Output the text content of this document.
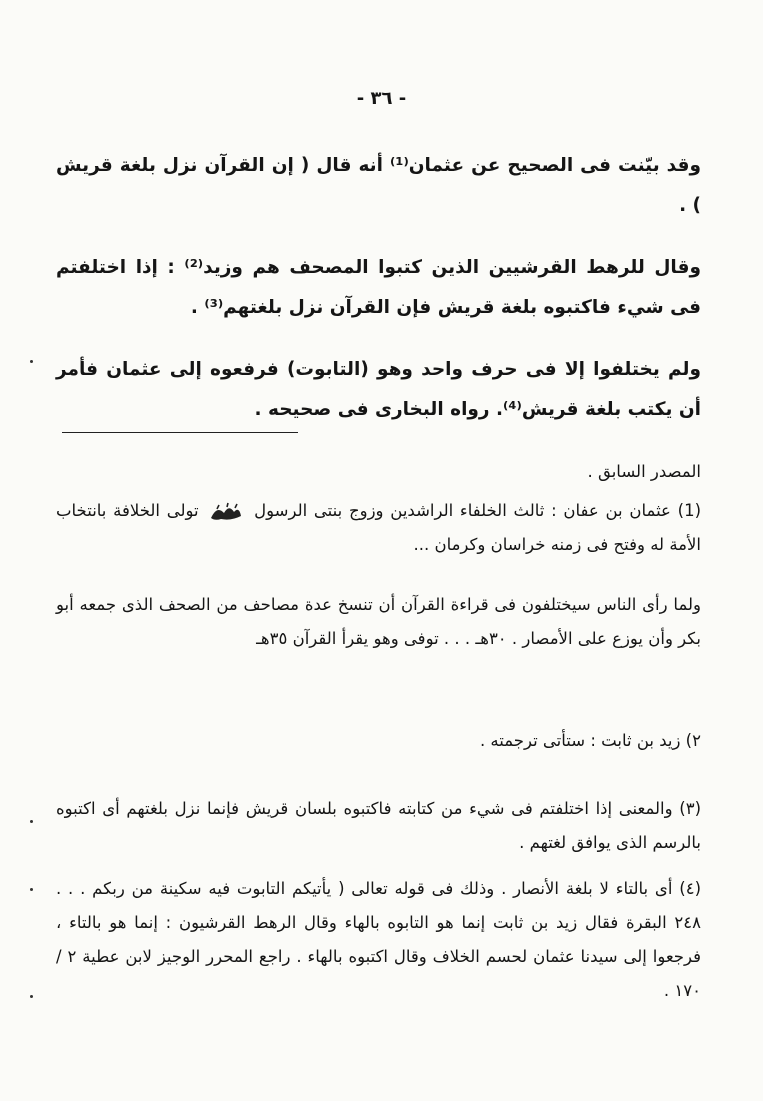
- ٣٦ -
وقد بيّنت فى الصحيح عن عثمان⁽¹⁾ أنه قال ( إن القرآن نزل بلغة قريش ) .
وقال للرهط القرشيين الذين كتبوا المصحف هم وزيد⁽²⁾ : إذا اختلفتم فى شيء فاكتبوه بلغة قريش فإن القرآن نزل بلغتهم⁽³⁾ .
ولم يختلفوا إلا فى حرف واحد وهو (التابوت) فرفعوه إلى عثمان فأمر أن يكتب بلغة قريش⁽⁴⁾. رواه البخارى فى صحيحه .
المصدر السابق .
(1) عثمان بن عفان : ثالث الخلفاء الراشدين وزوج بنتى الرسول  تولى الخلافة بانتخاب الأمة له وفتح فى زمنه خراسان وكرمان ...
ولما رأى الناس سيختلفون فى قراءة القرآن أن تنسخ عدة مصاحف من الصحف الذى جمعه أبو بكر وأن يوزع على الأمصار . ٣٠هـ . . . توفى وهو يقرأ القرآن ٣٥هـ
٢) زيد بن ثابت : ستأتى ترجمته .
(٣) والمعنى إذا اختلفتم فى شيء من كتابته فاكتبوه بلسان قريش فإنما نزل بلغتهم أى اكتبوه بالرسم الذى يوافق لغتهم .
(٤) أى بالتاء لا بلغة الأنصار . وذلك فى قوله تعالى ( يأتيكم التابوت فيه سكينة من ربكم . . . ٢٤٨ البقرة فقال زيد بن ثابت إنما هو التابوه بالهاء وقال الرهط القرشيون : إنما هو بالتاء ، فرجعوا إلى سيدنا عثمان لحسم الخلاف وقال اكتبوه بالهاء . راجع المحرر الوجيز لابن عطية ٢ / ١٧٠ .
